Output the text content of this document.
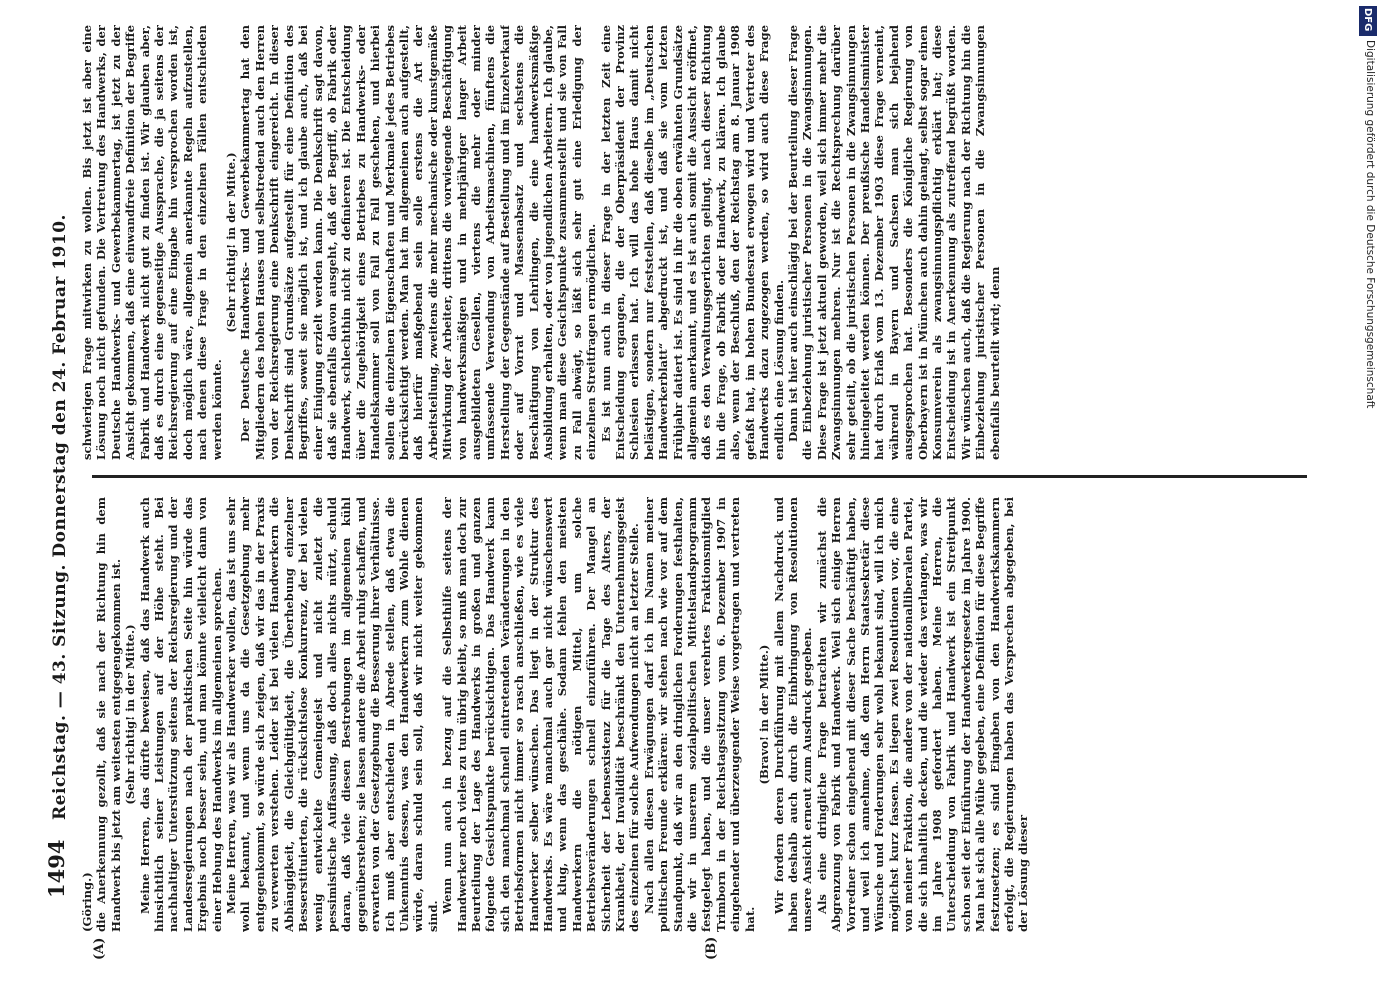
1494
Reichstag. — 43. Sitzung. Donnerstag den 24. Februar 1910.
(A)	(B)

(Göring.) die Anerkennung gezollt, daß sie nach der Richtung hin dem Handwerk bis jetzt am weitesten entgegengekommen ist. (Sehr richtig! in der Mitte.) Meine Herren, das dürfte beweisen, daß das Handwerk auch hinsichtlich seiner Leistungen auf der Höhe steht. Bei nachhaltiger Unterstützung seitens der Reichsregierung und der Landesregierungen nach der praktischen Seite hin würde das Ergebnis noch besser sein, und man könnte vielleicht dann von einer Hebung des Handwerks im allgemeinen sprechen. Meine Herren, was wir als Handwerker wollen, das ist uns sehr wohl bekannt, und wenn uns da die Gesetzgebung mehr entgegenkommt, so würde sich zeigen, daß wir das in der Praxis zu verwerten verstehen. Leider ist bei vielen Handwerkern die Abhängigkeit, die Gleichgültigkeit, die Überhebung einzelner Besserstituierten, die rücksichtslose Konkurrenz, der bei vielen wenig entwickelte Gemeingeist und nicht zuletzt die pessimistische Auffassung, daß doch alles nichts nützt, schuld daran, daß viele diesen Bestrebungen im allgemeinen kühl gegenüberstehen; sie lassen andere die Arbeit ruhig schaffen, und erwarten von der Gesetzgebung die Besserung ihrer Verhältnisse. Ich muß aber entschieden in Abrede stellen, daß etwa die Unkenntnis dessen, was den Handwerkern zum Wohle dienen würde, daran schuld sein soll, daß wir nicht weiter gekommen sind.

Wenn nun auch in bezug auf die Selbsthilfe seitens der Handwerker noch vieles zu tun übrig bleibt, so muß man doch zur Beurteilung der Lage des Handwerks in großen und ganzen folgende Gesichtspunkte berücksichtigen. Das Handwerk kann sich den manchmal schnell eintretenden Veränderungen in den Betriebsformen nicht immer so rasch anschließen, wie es viele Handwerker selber wünschen. Das liegt in der Struktur des Handwerks. Es wäre manchmal auch gar nicht wünschenswert und klug, wenn das geschähe. Sodann fehlen den meisten Handwerkern die nötigen Mittel, um solche Betriebsveränderungen schnell einzuführen. Der Mangel an Sicherheit der Lebensexistenz für die Tage des Alters, der Krankheit, der Invalidität beschränkt den Unternehmungsgeist des einzelnen für solche Aufwendungen nicht an letzter Stelle. Nach allen diesen Erwägungen darf ich im Namen meiner politischen Freunde erklären: wir stehen nach wie vor auf dem Standpunkt, daß wir an den dringlichen Forderungen festhalten, die wir in unserem sozialpolitischen Mittelstandsprogramm festgelegt haben, und die unser verehrtes Fraktionsmitglied Trimborn in der Reichstagssitzung vom 6. Dezember 1907 in eingehender und überzeugender Weise vorgetragen und vertreten hat.

(Bravo! in der Mitte.) Wir fordern deren Durchführung mit allem Nachdruck und haben deshalb auch durch die Einbringung von Resolutionen unsere Ansicht erneut zum Ausdruck gegeben. Als eine dringliche Frage betrachten wir zunächst die Abgrenzung von Fabrik und Handwerk. Weil sich einige Herren Vorredner schon eingehend mit dieser Sache beschäftigt haben, und weil ich annehme, daß dem Herrn Staatssekretär diese Wünsche und Forderungen sehr wohl bekannt sind, will ich mich möglichst kurz fassen. Es liegen zwei Resolutionen vor, die eine von meiner Fraktion, die andere von der nationalliberalen Partei, die sich inhaltlich decken, und die wieder das verlangen, was wir im Jahre 1908 gefordert haben. Meine Herren, die Unterscheidung von Fabrik und Handwerk ist ein Streitpunkt schon seit der Einführung der Handwerkergesetze im Jahre 1900. Man hat sich alle Mühe gegeben, eine Definition für diese Begriffe festzusetzen; es sind Eingaben von den Handwerkskammern erfolgt, die Regierungen haben das Versprechen abgegeben, bei der Lösung dieser

schwierigen Frage mitwirken zu wollen. Bis jetzt ist aber eine Lösung noch nicht gefunden. Die Vertretung des Handwerks, der Deutsche Handwerks- und Gewerbekammertag, ist jetzt zu der Ansicht gekommen, daß eine einwandfreie Definition der Begriffe Fabrik und Handwerk nicht gut zu finden ist. Wir glauben aber, daß es durch eine gegenseitige Aussprache, die ja seitens der Reichsregierung auf eine Eingabe hin versprochen worden ist, doch möglich wäre, allgemein anerkannte Regeln aufzustellen, nach denen diese Frage in den einzelnen Fällen entschieden werden könnte.

(Sehr richtig! in der Mitte.) Der Deutsche Handwerks- und Gewerbekammertag hat den Mitgliedern des hohen Hauses und selbstredend auch den Herren von der Reichsregierung eine Denkschrift eingereicht. In dieser Denkschrift sind Grundsätze aufgestellt für eine Definition des Begriffes, soweit sie möglich ist, und ich glaube auch, daß bei einer Einigung erzielt werden kann. Die Denkschrift sagt davon, daß sie ebenfalls davon ausgeht, daß der Begriff, ob Fabrik oder Handwerk, schlechthin nicht zu definieren ist. Die Entscheidung über die Zugehörigkeit eines Betriebes zu Handwerks- oder Handelskammer soll von Fall zu Fall geschehen, und hierbei sollen die einzelnen Eigenschaften und Merkmale jedes Betriebes berücksichtigt werden. Man hat im allgemeinen auch aufgestellt, daß hierfür maßgebend sein solle erstens die Art der Arbeitsteilung, zweitens die mehr mechanische oder kunstgemäße Mitwirkung der Arbeiter, drittens die vorwiegende Beschäftigung von handwerksmäßigen und in mehrjähriger langer Arbeit ausgebildeten Gesellen, viertens die mehr oder minder umfassende Verwendung von Arbeitsmaschinen, fünftens die Herstellung der Gegenstände auf Bestellung und im Einzelverkauf oder auf Vorrat und Massenabsatz und sechstens die Beschäftigung von Lehrlingen, die eine handwerksmäßige Ausbildung erhalten, oder von jugendlichen Arbeitern. Ich glaube, wenn man diese Gesichtspunkte zusammenstellt und sie von Fall zu Fall abwägt, so läßt sich sehr gut eine Erledigung der einzelnen Streitfragen ermöglichen. Es ist nun auch in dieser Frage in der letzten Zeit eine Entscheidung ergangen, die der Oberpräsident der Provinz Schlesien erlassen hat. Ich will das hohe Haus damit nicht belästigen, sondern nur feststellen, daß dieselbe im „Deutschen Handwerkerblatt“ abgedruckt ist, und daß sie vom letzten Frühjahr datiert ist. Es sind in ihr die oben erwähnten Grundsätze allgemein anerkannt, und es ist auch somit die Aussicht eröffnet, daß es den Verwaltungsgerichten gelingt, nach dieser Richtung hin die Frage, ob Fabrik oder Handwerk, zu klären. Ich glaube also, wenn der Beschluß, den der Reichstag am 8. Januar 1908 gefaßt hat, im hohen Bundesrat erwogen wird und Vertreter des Handwerks dazu zugezogen werden, so wird auch diese Frage endlich eine Lösung finden. Dann ist hier auch einschlägig bei der Beurteilung dieser Frage die Einbeziehung juristischer Personen in die Zwangsinnungen. Diese Frage ist jetzt aktuell geworden, weil sich immer mehr die Zwangsinnungen mehren. Nur ist die Rechtsprechung darüber sehr geteilt, ob die juristischen Personen in die Zwangsinnungen hineingeleitet werden können. Der preußische Handelsminister hat durch Erlaß vom 13. Dezember 1903 diese Frage verneint, während in Bayern und Sachsen man sich bejahend ausgesprochen hat. Besonders die Königliche Regierung von Oberbayern ist in München auch dahin gelangt, selbst sogar einen Konsumverein als zwangsinnungspflichtig erklärt hat; diese Entscheidung ist in Anerkennung als zutreffend begrüßt worden. Wir wünschen auch, daß die Regierung nach der Richtung hin die Einbeziehung juristischer Personen in die Zwangsinnungen ebenfalls beurteilt wird; denn

DFG
Digitalisierung gefördert durch die Deutsche Forschungsgemeinschaft
